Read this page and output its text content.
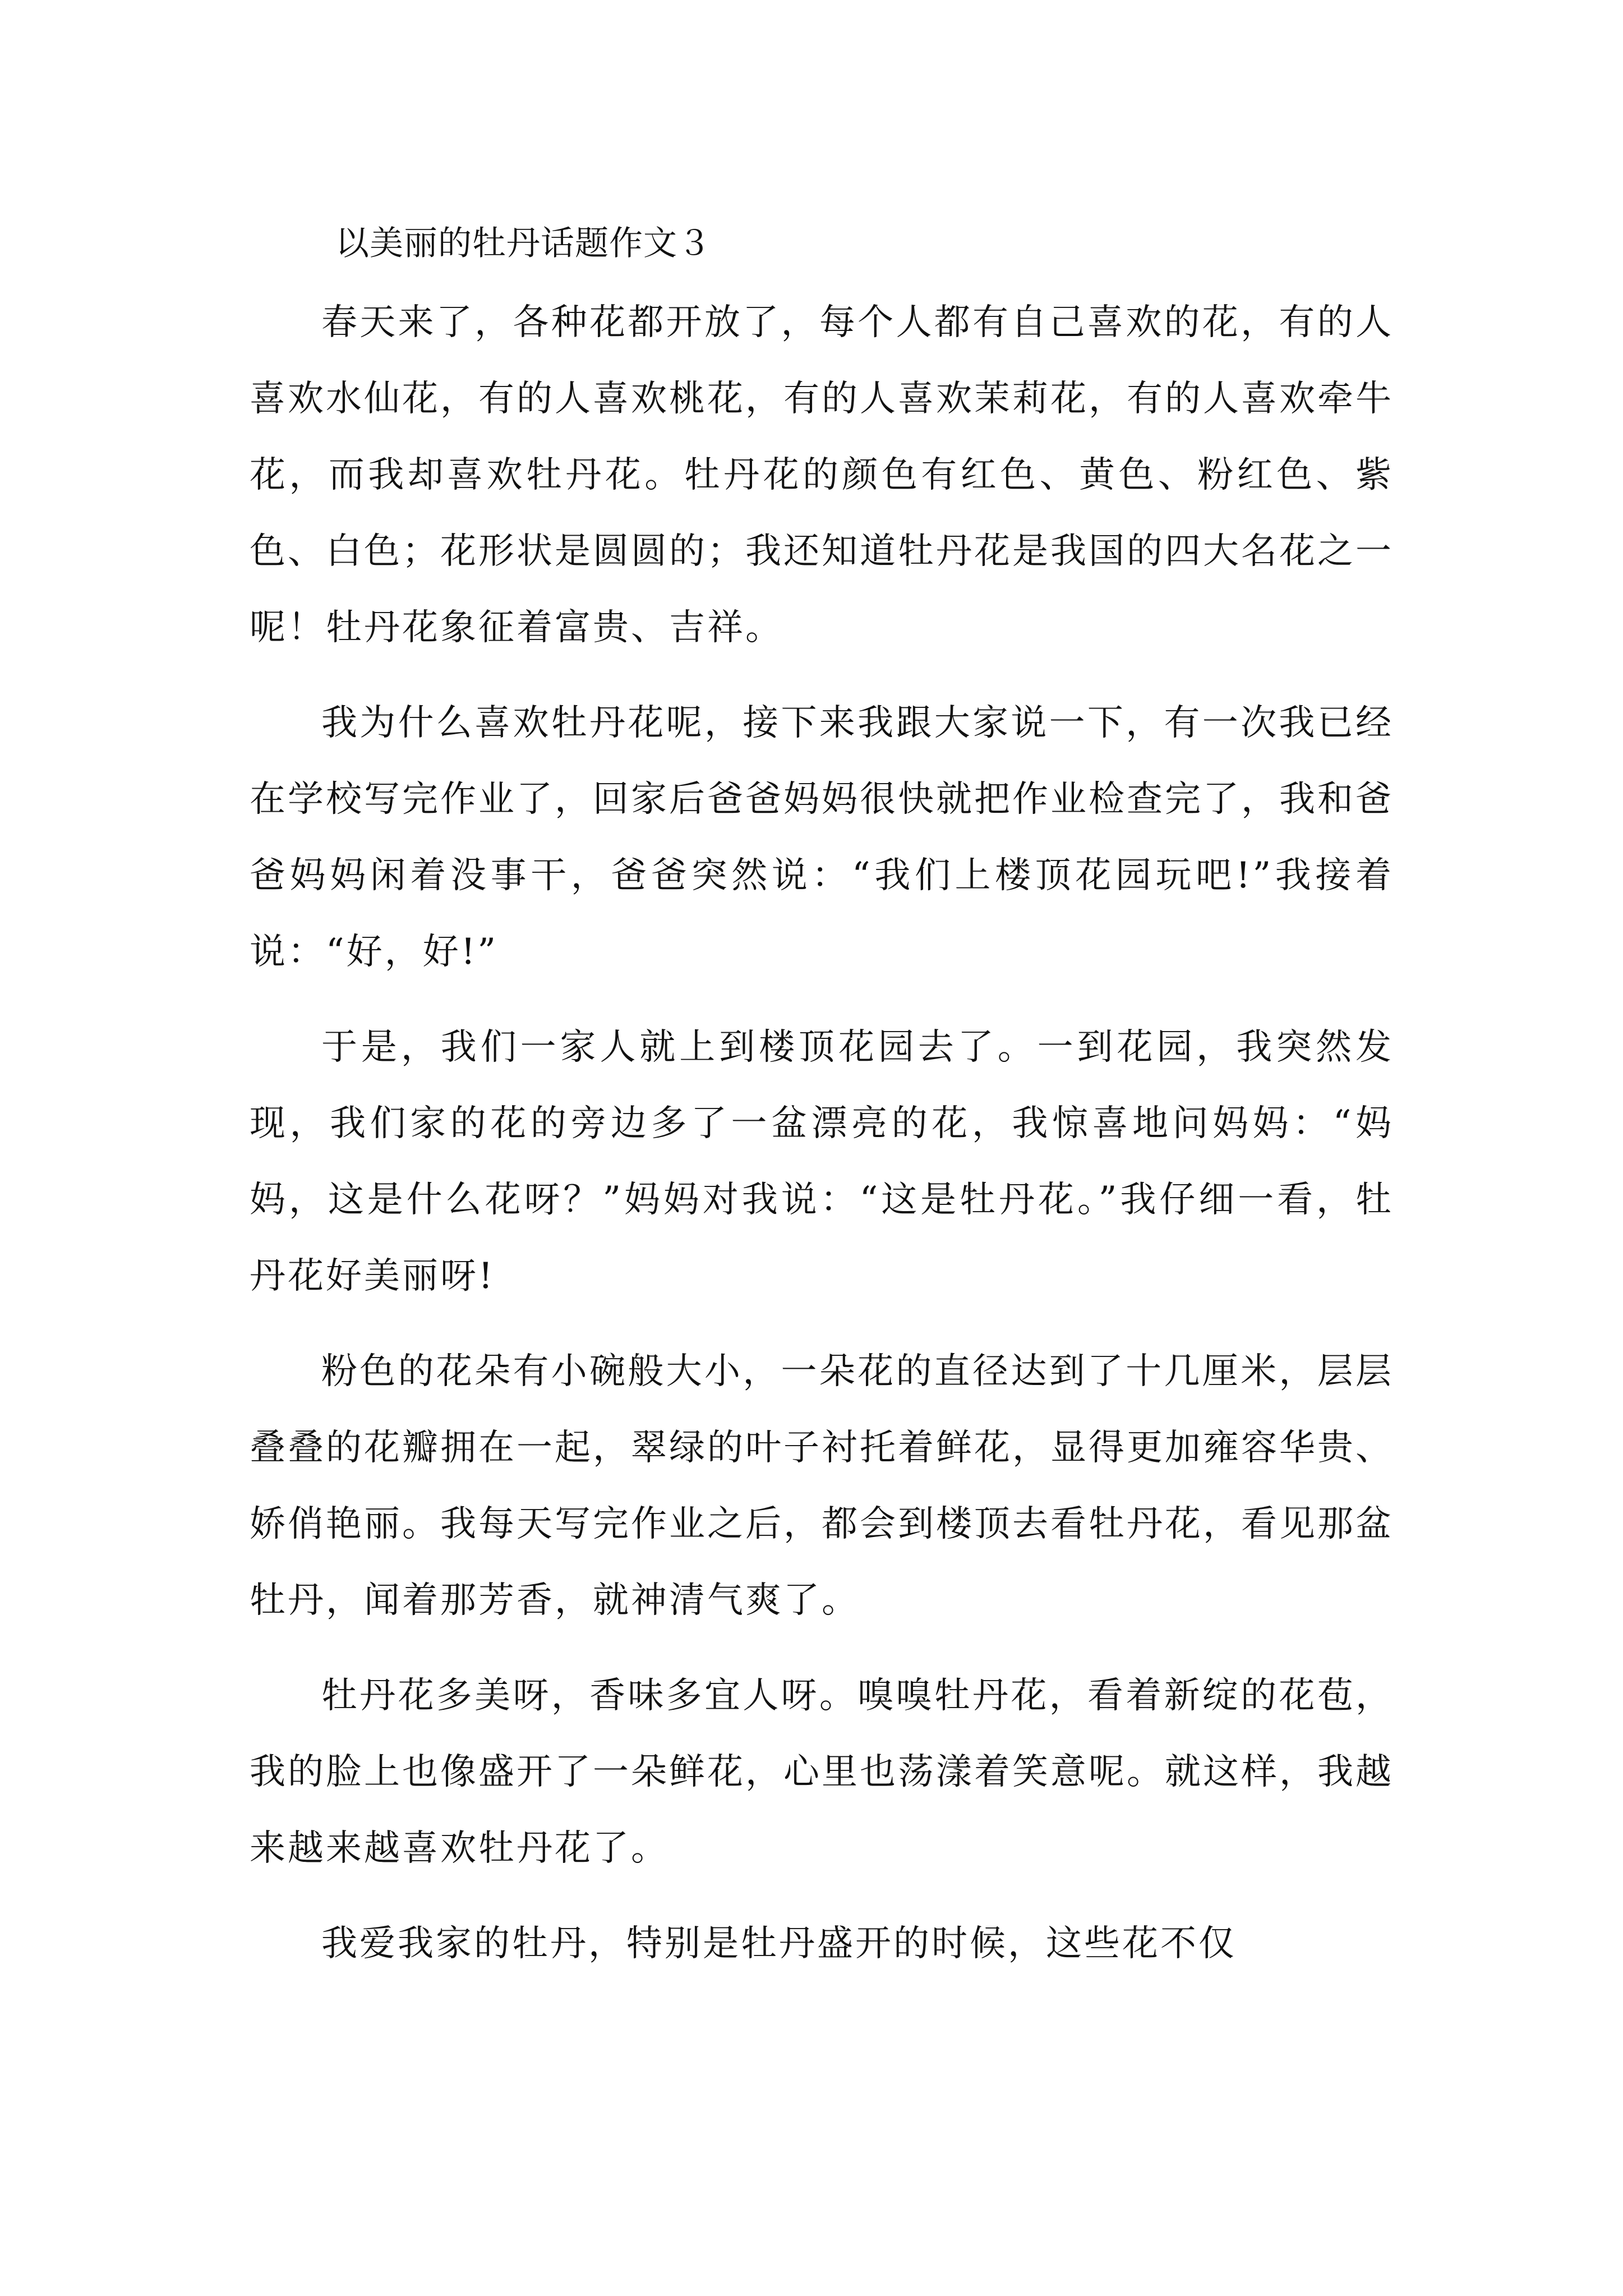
以美丽的牡丹话题作文３

春天来了，各种花都开放了，每个人都有自己喜欢的花，有的人喜欢水仙花，有的人喜欢桃花，有的人喜欢茉莉花，有的人喜欢牵牛花，而我却喜欢牡丹花。牡丹花的颜色有红色、黄色、粉红色、紫色、白色；花形状是圆圆的；我还知道牡丹花是我国的四大名花之一呢！牡丹花象征着富贵、吉祥。

我为什么喜欢牡丹花呢，接下来我跟大家说一下，有一次我已经在学校写完作业了，回家后爸爸妈妈很快就把作业检查完了，我和爸爸妈妈闲着没事干，爸爸突然说：“我们上楼顶花园玩吧!”我接着说：“好，好!”

于是，我们一家人就上到楼顶花园去了。一到花园，我突然发现，我们家的花的旁边多了一盆漂亮的花，我惊喜地问妈妈：“妈妈，这是什么花呀？”妈妈对我说：“这是牡丹花。”我仔细一看，牡丹花好美丽呀!

粉色的花朵有小碗般大小，一朵花的直径达到了十几厘米，层层叠叠的花瓣拥在一起，翠绿的叶子衬托着鲜花，显得更加雍容华贵、娇俏艳丽。我每天写完作业之后，都会到楼顶去看牡丹花，看见那盆牡丹，闻着那芳香，就神清气爽了。

牡丹花多美呀，香味多宜人呀。嗅嗅牡丹花，看着新绽的花苞，我的脸上也像盛开了一朵鲜花，心里也荡漾着笑意呢。就这样，我越来越来越喜欢牡丹花了。

我爱我家的牡丹，特别是牡丹盛开的时候，这些花不仅
